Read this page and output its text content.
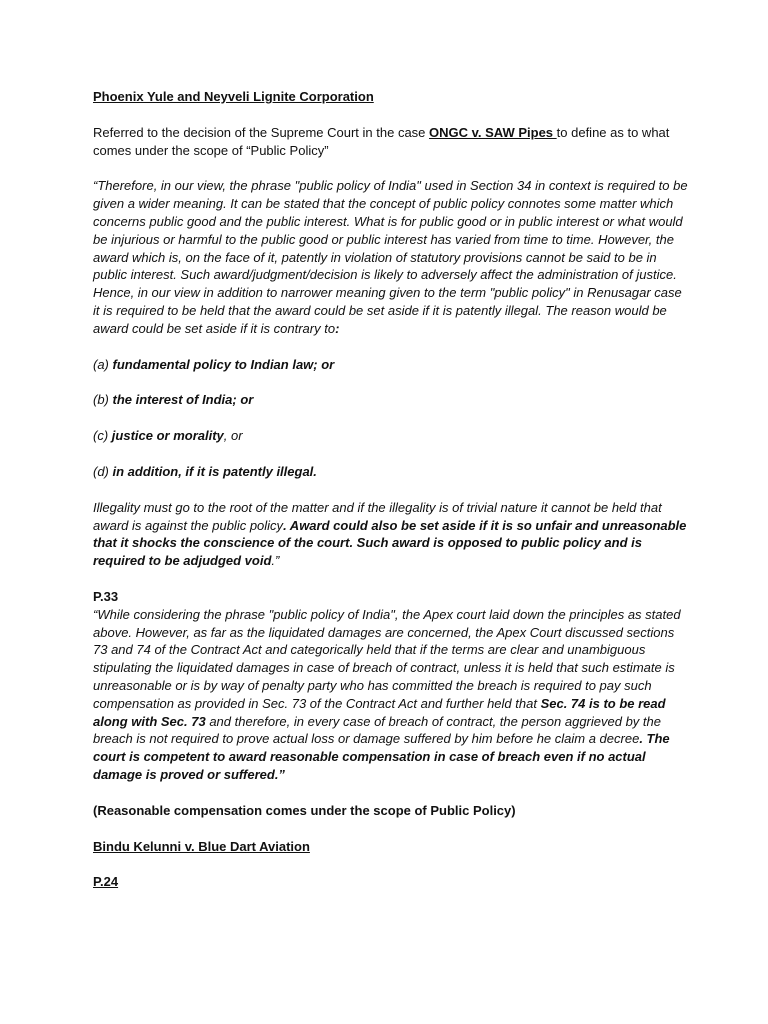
Phoenix Yule and Neyveli Lignite Corporation

Referred to the decision of the Supreme Court in the case ONGC v. SAW Pipes to define as to what comes under the scope of “Public Policy”

“Therefore, in our view, the phrase "public policy of India" used in Section 34 in context is required to be given a wider meaning. It can be stated that the concept of public policy connotes some matter which concerns public good and the public interest. What is for public good or in public interest or what would be injurious or harmful to the public good or public interest has varied from time to time. However, the award which is, on the face of it, patently in violation of statutory provisions cannot be said to be in public interest. Such award/judgment/decision is likely to adversely affect the administration of justice. Hence, in our view in addition to narrower meaning given to the term "public policy" in Renusagar case it is required to be held that the award could be set aside if it is patently illegal. The reason would be award could be set aside if it is contrary to:

(a) fundamental policy to Indian law; or

(b) the interest of India; or

(c) justice or morality, or

(d) in addition, if it is patently illegal.

Illegality must go to the root of the matter and if the illegality is of trivial nature it cannot be held that award is against the public policy. Award could also be set aside if it is so unfair and unreasonable that it shocks the conscience of the court. Such award is opposed to public policy and is required to be adjudged void.”

P.33

“While considering the phrase "public policy of India", the Apex court laid down the principles as stated above. However, as far as the liquidated damages are concerned, the Apex Court discussed sections 73 and 74 of the Contract Act and categorically held that if the terms are clear and unambiguous stipulating the liquidated damages in case of breach of contract, unless it is held that such estimate is unreasonable or is by way of penalty party who has committed the breach is required to pay such compensation as provided in Sec. 73 of the Contract Act and further held that Sec. 74 is to be read along with Sec. 73 and therefore, in every case of breach of contract, the person aggrieved by the breach is not required to prove actual loss or damage suffered by him before he claim a decree. The court is competent to award reasonable compensation in case of breach even if no actual damage is proved or suffered.”

(Reasonable compensation comes under the scope of Public Policy)

Bindu Kelunni v. Blue Dart Aviation

P.24
